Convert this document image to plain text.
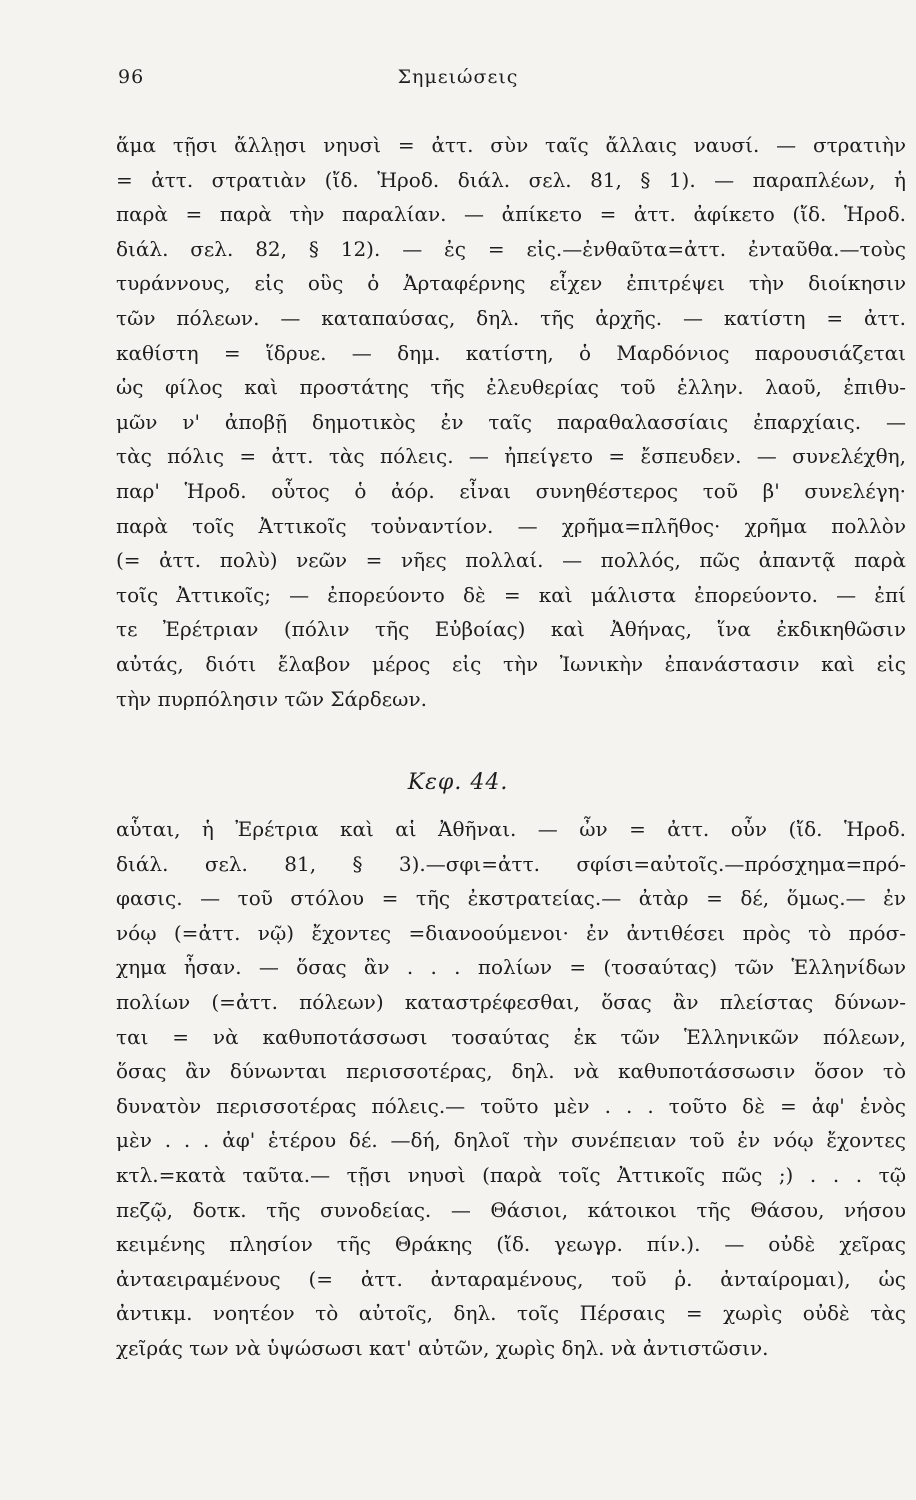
96	Σημειώσεις
ἅμα τῇσι ἄλλῃσι νηυσὶ = ἀττ. σὺν ταῖς ἄλλαις ναυσί. — στρατιὴν
= ἀττ. στρατιὰν (ἴδ. Ἡροδ. διάλ. σελ. 81, § 1). — παραπλέων, ἡ
παρὰ = παρὰ τὴν παραλίαν. — ἀπίκετο = ἀττ. ἀφίκετο (ἴδ. Ἡροδ.
διάλ. σελ. 82, § 12). — ἐς = εἰς.—ἐνθαῦτα=ἀττ. ἐνταῦθα.—τοὺς
τυράννους, εἰς οὓς ὁ Ἀρταφέρνης εἶχεν ἐπιτρέψει τὴν διοίκησιν
τῶν πόλεων. — καταπαύσας, δηλ. τῆς ἀρχῆς. — κατίστη = ἀττ.
καθίστη = ἵδρυε. — δημ. κατίστη, ὁ Μαρδόνιος παρουσιάζεται
ὡς φίλος καὶ προστάτης τῆς ἐλευθερίας τοῦ ἑλλην. λαοῦ, ἐπιθυ-
μῶν ν' ἀποβῇ δημοτικὸς ἐν ταῖς παραθαλασσίαις ἐπαρχίαις. —
τὰς πόλις = ἀττ. τὰς πόλεις. — ἠπείγετο = ἔσπευδεν. — συνελέχθη,
παρ' Ἡροδ. οὗτος ὁ ἀόρ. εἶναι συνηθέστερος τοῦ β' συνελέγη·
παρὰ τοῖς Ἀττικοῖς τοὐναντίον. — χρῆμα=πλῆθος· χρῆμα πολλὸν
(= ἀττ. πολὺ) νεῶν = νῆες πολλαί. — πολλός, πῶς ἀπαντᾷ παρὰ
τοῖς Ἀττικοῖς; — ἐπορεύοντο δὲ = καὶ μάλιστα ἐπορεύοντο. — ἐπί
τε Ἐρέτριαν (πόλιν τῆς Εὐβοίας) καὶ Ἀθήνας, ἵνα ἐκδικηθῶσιν
αὐτάς, διότι ἔλαβον μέρος εἰς τὴν Ἰωνικὴν ἐπανάστασιν καὶ εἰς
τὴν πυρπόλησιν τῶν Σάρδεων.
Κεφ. 44.
αὗται, ἡ Ἐρέτρια καὶ αἱ Ἀθῆναι. — ὦν = ἀττ. οὖν (ἴδ. Ἡροδ.
διάλ. σελ. 81, § 3).—σφι=ἀττ. σφίσι=αὐτοῖς.—πρόσχημα=πρό-
φασις. — τοῦ στόλου = τῆς ἐκστρατείας.— ἀτὰρ = δέ, ὅμως.— ἐν
νόῳ (=ἀττ. νῷ) ἔχοντες =διανοούμενοι· ἐν ἀντιθέσει πρὸς τὸ πρόσ-
χημα ἦσαν. — ὅσας ἂν . . . πολίων = (τοσαύτας) τῶν Ἑλληνίδων
πολίων (=ἀττ. πόλεων) καταστρέφεσθαι, ὅσας ἂν πλείστας δύνων-
ται = νὰ καθυποτάσσωσι τοσαύτας ἐκ τῶν Ἑλληνικῶν πόλεων,
ὅσας ἂν δύνωνται περισσοτέρας, δηλ. νὰ καθυποτάσσωσιν ὅσον τὸ
δυνατὸν περισσοτέρας πόλεις.— τοῦτο μὲν . . . τοῦτο δὲ = ἀφ' ἑνὸς
μὲν . . . ἀφ' ἑτέρου δέ. —δή, δηλοῖ τὴν συνέπειαν τοῦ ἐν νόῳ ἔχοντες
κτλ.=κατὰ ταῦτα.— τῇσι νηυσὶ (παρὰ τοῖς Ἀττικοῖς πῶς ;) . . . τῷ
πεζῷ, δοτκ. τῆς συνοδείας. — Θάσιοι, κάτοικοι τῆς Θάσου, νήσου
κειμένης πλησίον τῆς Θράκης (ἴδ. γεωγρ. πίν.). — οὐδὲ χεῖρας
ἀνταειραμένους (= ἀττ. ἀνταραμένους, τοῦ ῥ. ἀνταίρομαι), ὡς
ἀντικμ. νοητέον τὸ αὐτοῖς, δηλ. τοῖς Πέρσαις = χωρὶς οὐδὲ τὰς
χεῖράς των νὰ ὑψώσωσι κατ' αὐτῶν, χωρὶς δηλ. νὰ ἀντιστῶσιν.
